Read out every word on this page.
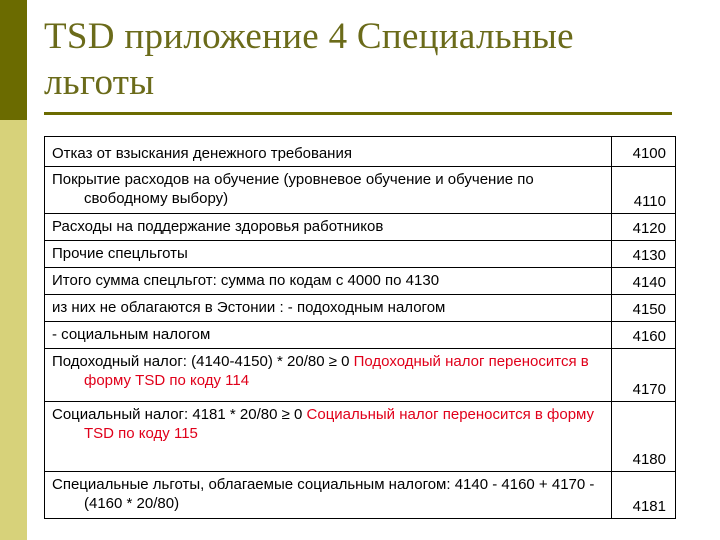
TSD приложение 4 Специальные льготы
Отказ от взыскания денежного требования	4100

Покрытие расходов на обучение (уровневое обучение и обучение по свободному выбору)	4110
Расходы на поддержание здоровья работников	4120
Прочие спецльготы	4130
Итого сумма спецльгот: сумма по кодам с 4000 по 4130	4140
из них не облагаются в Эстонии : - подоходным налогом	4150
- социальным налогом	4160

Подоходный налог: (4140-4150) * 20/80 ≥ 0 Подоходный налог переносится в форму TSD по коду 114	4170

Социальный налог: 4181 * 20/80 ≥ 0 Социальный налог переносится в форму TSD по коду 115	4180

Специальные льготы, облагаемые социальным налогом: 4140 - 4160 + 4170 - (4160 * 20/80)	4181
